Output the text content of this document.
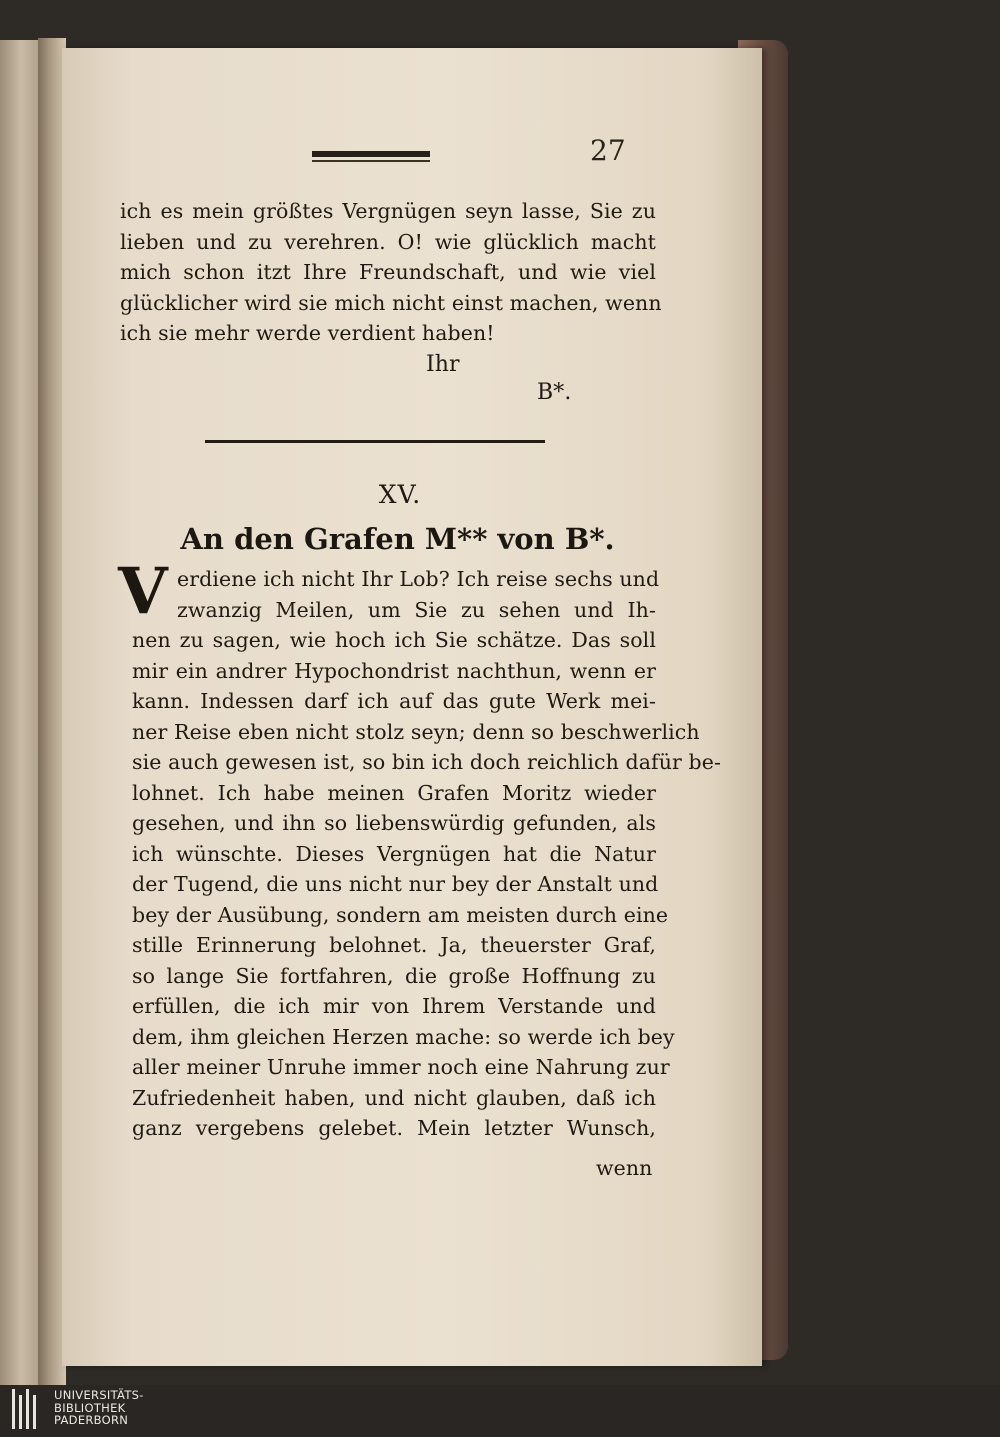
27
ich es mein größtes Vergnügen seyn lasse, Sie zu
lieben und zu verehren. O! wie glücklich macht
mich schon itzt Ihre Freundschaft, und wie viel
glücklicher wird sie mich nicht einst machen, wenn
ich sie mehr werde verdient haben!
Ihr
B*.
XV.
An den Grafen M** von B*.
V erdiene ich nicht Ihr Lob? Ich reise sechs und
zwanzig Meilen, um Sie zu sehen und Ih-
nen zu sagen, wie hoch ich Sie schätze. Das soll
mir ein andrer Hypochondrist nachthun, wenn er
kann. Indessen darf ich auf das gute Werk mei-
ner Reise eben nicht stolz seyn; denn so beschwerlich
sie auch gewesen ist, so bin ich doch reichlich dafür be-
lohnet. Ich habe meinen Grafen Moritz wieder
gesehen, und ihn so liebenswürdig gefunden, als
ich wünschte. Dieses Vergnügen hat die Natur
der Tugend, die uns nicht nur bey der Anstalt und
bey der Ausübung, sondern am meisten durch eine
stille Erinnerung belohnet. Ja, theuerster Graf,
so lange Sie fortfahren, die große Hoffnung zu
erfüllen, die ich mir von Ihrem Verstande und
dem, ihm gleichen Herzen mache: so werde ich bey
aller meiner Unruhe immer noch eine Nahrung zur
Zufriedenheit haben, und nicht glauben, daß ich
ganz vergebens gelebet. Mein letzter Wunsch,
wenn
UNIVERSITÄTS-
BIBLIOTHEK
PADERBORN
